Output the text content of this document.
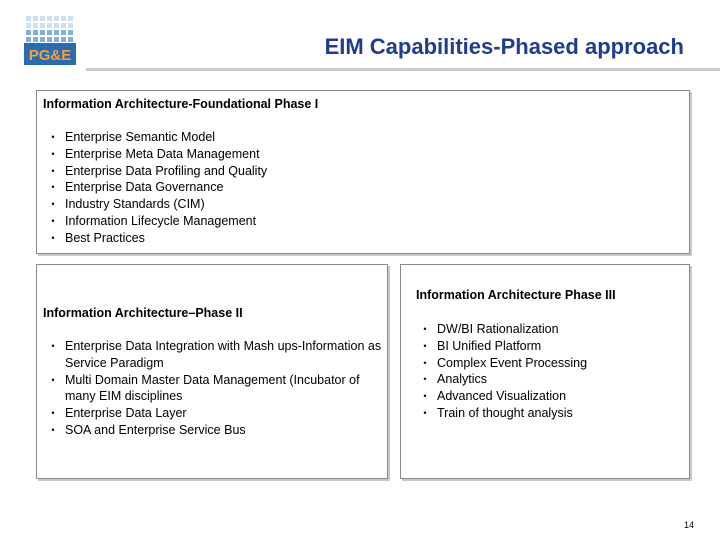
PG&E	EIM Capabilities-Phased approach
Information Architecture-Foundational Phase I
• Enterprise Semantic Model
• Enterprise Meta Data Management
• Enterprise Data Profiling and Quality
• Enterprise Data Governance
• Industry Standards (CIM)
• Information Lifecycle Management
• Best Practices
Information Architecture–Phase II
• Enterprise Data Integration with Mash ups-Information as Service Paradigm
• Multi Domain Master Data Management (Incubator of many EIM disciplines
• Enterprise Data Layer
• SOA and Enterprise Service Bus
Information Architecture Phase III
• DW/BI Rationalization
• BI Unified Platform
• Complex Event Processing
• Analytics
• Advanced Visualization
• Train of thought analysis
14
